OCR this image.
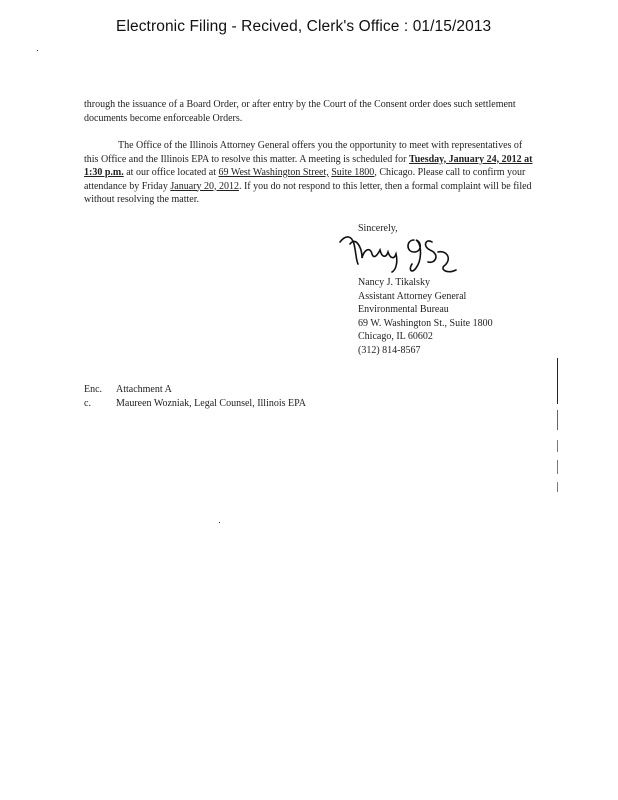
Electronic Filing - Recived, Clerk's Office : 01/15/2013
through the issuance of a Board Order, or after entry by the Court of the Consent order does such settlement documents become enforceable Orders.
The Office of the Illinois Attorney General offers you the opportunity to meet with representatives of this Office and the Illinois EPA to resolve this matter. A meeting is scheduled for Tuesday, January 24, 2012 at 1:30 p.m. at our office located at 69 West Washington Street, Suite 1800, Chicago. Please call to confirm your attendance by Friday January 20, 2012. If you do not respond to this letter, then a formal complaint will be filed without resolving the matter.
Sincerely,
Nancy J. Tikalsky
Assistant Attorney General
Environmental Bureau
69 W. Washington St., Suite 1800
Chicago, IL 60602
(312) 814-8567
Enc.	Attachment A
c.	Maureen Wozniak, Legal Counsel, Illinois EPA
